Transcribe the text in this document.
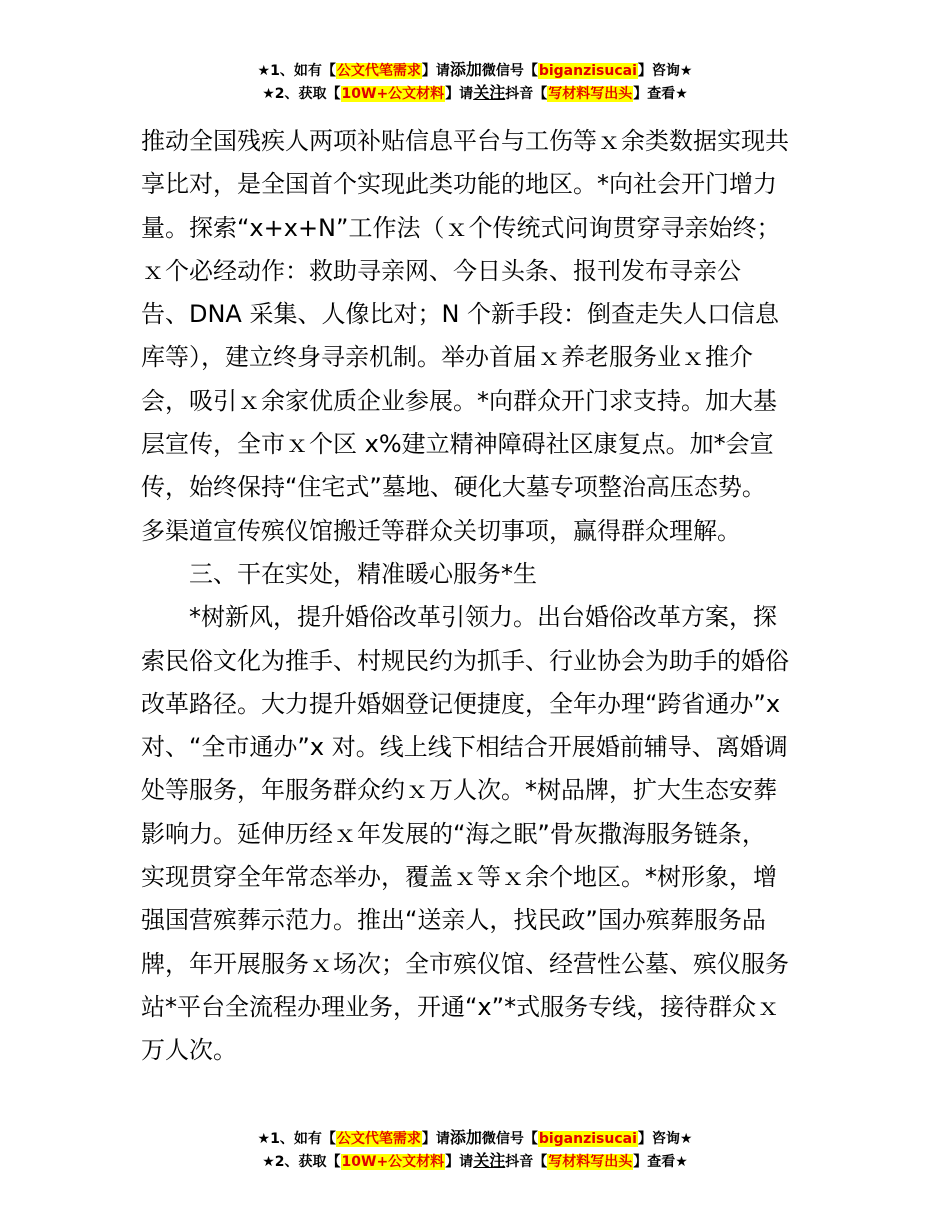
★1、如有【公文代笔需求】请添加微信号【biganzisucai】咨询★
★2、获取【10W+公文材料】请关注抖音【写材料写出头】查看★

推动全国残疾人两项补贴信息平台与工伤等ｘ余类数据实现共

享比对，是全国首个实现此类功能的地区。*向社会开门增力

量。探索“x+x+N”工作法（ｘ个传统式问询贯穿寻亲始终；

ｘ个必经动作：救助寻亲网、今日头条、报刊发布寻亲公

告、DNA 采集、人像比对；N 个新手段：倒查走失人口信息

库等），建立终身寻亲机制。举办首届ｘ养老服务业ｘ推介

会，吸引ｘ余家优质企业参展。*向群众开门求支持。加大基

层宣传，全市ｘ个区 x%建立精神障碍社区康复点。加*会宣

传，始终保持“住宅式”墓地、硬化大墓专项整治高压态势。

多渠道宣传殡仪馆搬迁等群众关切事项，赢得群众理解。

　　三、干在实处，精准暖心服务*生

　　*树新风，提升婚俗改革引领力。出台婚俗改革方案，探

索民俗文化为推手、村规民约为抓手、行业协会为助手的婚俗

改革路径。大力提升婚姻登记便捷度，全年办理“跨省通办”x

对、“全市通办”x 对。线上线下相结合开展婚前辅导、离婚调

处等服务，年服务群众约ｘ万人次。*树品牌，扩大生态安葬

影响力。延伸历经ｘ年发展的“海之眠”骨灰撒海服务链条，

实现贯穿全年常态举办，覆盖ｘ等ｘ余个地区。*树形象，增

强国营殡葬示范力。推出“送亲人，找民政”国办殡葬服务品

牌，年开展服务ｘ场次；全市殡仪馆、经营性公墓、殡仪服务

站*平台全流程办理业务，开通“x”*式服务专线，接待群众ｘ

万人次。

★1、如有【公文代笔需求】请添加微信号【biganzisucai】咨询★
★2、获取【10W+公文材料】请关注抖音【写材料写出头】查看★
